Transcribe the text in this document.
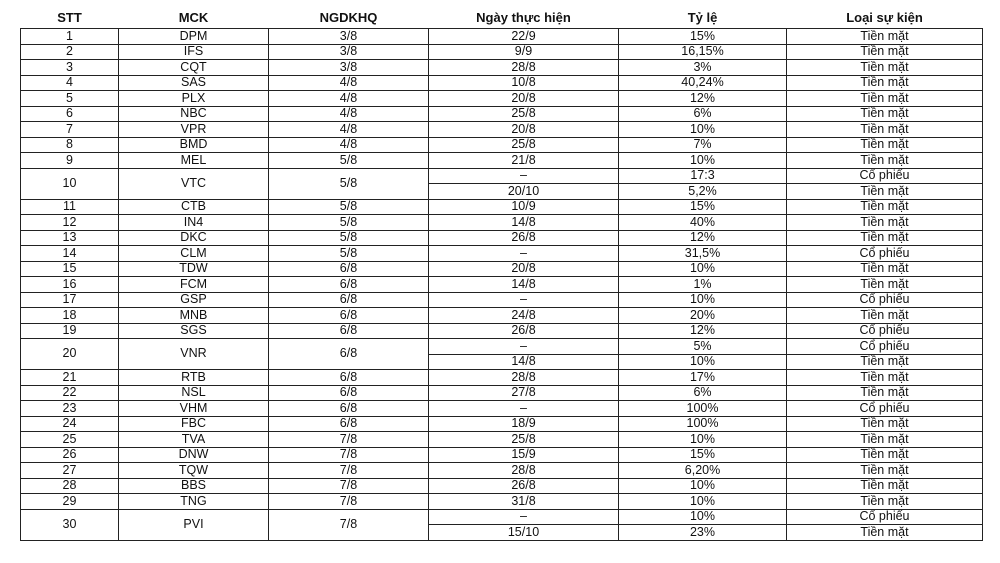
STT	MCK	NGDKHQ	Ngày thực hiện	Tỷ lệ	Loại sự kiện
1	DPM	3/8	22/9	15%	Tiền mặt
2	IFS	3/8	9/9	16,15%	Tiền mặt
3	CQT	3/8	28/8	3%	Tiền mặt
4	SAS	4/8	10/8	40,24%	Tiền mặt
5	PLX	4/8	20/8	12%	Tiền mặt
6	NBC	4/8	25/8	6%	Tiền mặt
7	VPR	4/8	20/8	10%	Tiền mặt
8	BMD	4/8	25/8	7%	Tiền mặt
9	MEL	5/8	21/8	10%	Tiền mặt
10	VTC	5/8	–	17:3	Cổ phiếu
			20/10	5,2%	Tiền mặt
11	CTB	5/8	10/9	15%	Tiền mặt
12	IN4	5/8	14/8	40%	Tiền mặt
13	DKC	5/8	26/8	12%	Tiền mặt
14	CLM	5/8	–	31,5%	Cổ phiếu
15	TDW	6/8	20/8	10%	Tiền mặt
16	FCM	6/8	14/8	1%	Tiền mặt
17	GSP	6/8	–	10%	Cổ phiếu
18	MNB	6/8	24/8	20%	Tiền mặt
19	SGS	6/8	26/8	12%	Cổ phiếu
20	VNR	6/8	–	5%	Cổ phiếu
			14/8	10%	Tiền mặt
21	RTB	6/8	28/8	17%	Tiền mặt
22	NSL	6/8	27/8	6%	Tiền mặt
23	VHM	6/8	–	100%	Cổ phiếu
24	FBC	6/8	18/9	100%	Tiền mặt
25	TVA	7/8	25/8	10%	Tiền mặt
26	DNW	7/8	15/9	15%	Tiền mặt
27	TQW	7/8	28/8	6,20%	Tiền mặt
28	BBS	7/8	26/8	10%	Tiền mặt
29	TNG	7/8	31/8	10%	Tiền mặt
30	PVI	7/8	–	10%	Cổ phiếu
			15/10	23%	Tiền mặt
